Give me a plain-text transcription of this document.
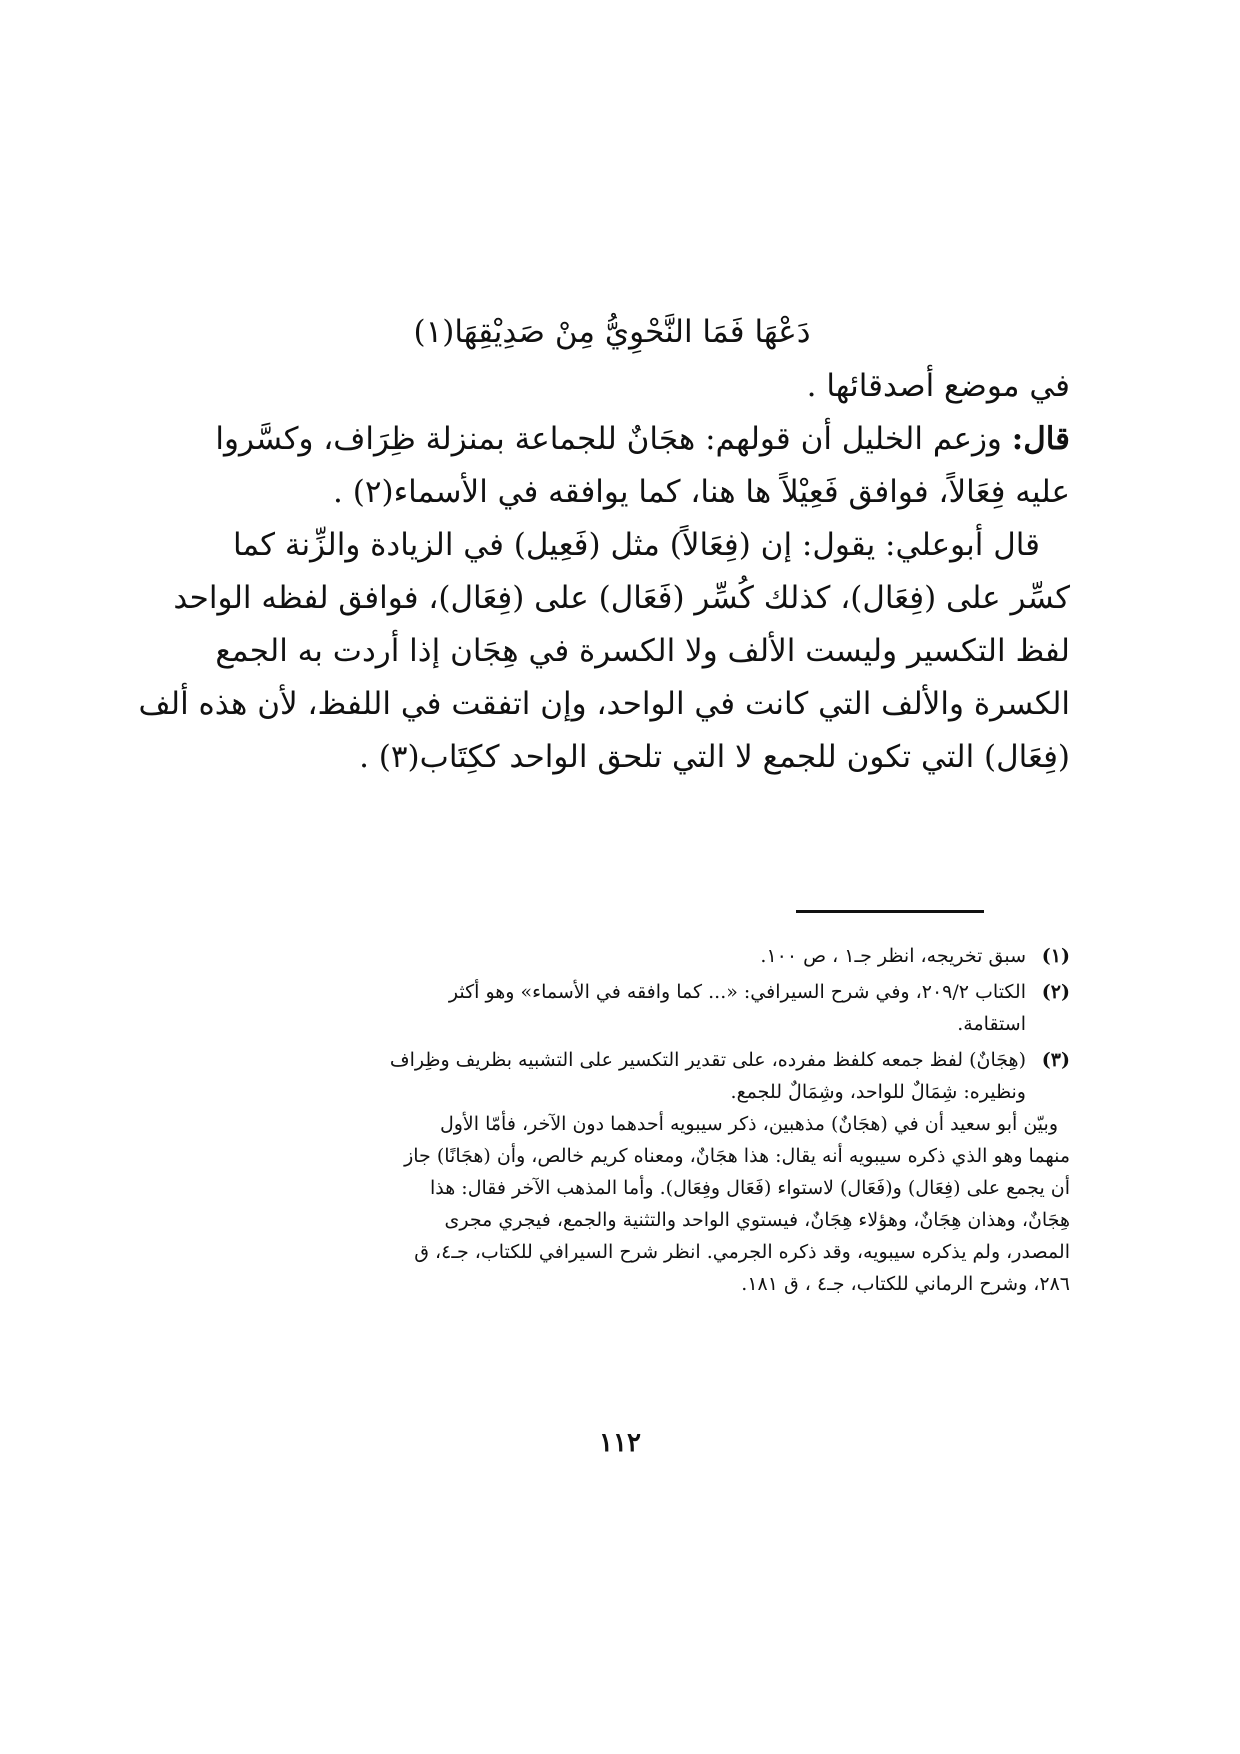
دَعْهَا فَمَا النَّحْوِيُّ مِنْ صَدِيْقِهَا(١)
في موضع أصدقائها .
قال: وزعم الخليل أن قولهم: هجَانٌ للجماعة بمنزلة ظِرَاف، وكسَّروا
عليه فِعَالاً، فوافق فَعِيْلاً ها هنا، كما يوافقه في الأسماء(٢) .
قال أبوعلي: يقول: إن (فِعَالاً) مثل (فَعِيل) في الزيادة والزِّنة كما
كسِّر على (فِعَال)، كذلك كُسِّر (فَعَال) على (فِعَال)، فوافق لفظه الواحد
لفظ التكسير وليست الألف ولا الكسرة في هِجَان إذا أردت به الجمع
الكسرة والألف التي كانت في الواحد، وإن اتفقت في اللفظ، لأن هذه ألف
(فِعَال) التي تكون للجمع لا التي تلحق الواحد ككِتَاب(٣) .
(١)
سبق تخريجه، انظر جـ١ ، ص ١٠٠.
(٢)
الكتاب ٢٠٩/٢، وفي شرح السيرافي: «... كما وافقه في الأسماء» وهو أكثر
استقامة.
(٣)
(هِجَانٌ) لفظ جمعه كلفظ مفرده، على تقدير التكسير على التشبيه بظريف وظِراف
ونظيره: شِمَالٌ للواحد، وشِمَالٌ للجمع.
وبيّن أبو سعيد أن في (هجَانٌ) مذهبين، ذكر سيبويه أحدهما دون الآخر، فأمّا الأول
منهما وهو الذي ذكره سيبويه أنه يقال: هذا هجَانٌ، ومعناه كريم خالص، وأن (هجَانًا) جاز
أن يجمع على (فِعَال) و(فَعَال) لاستواء (فَعَال وفِعَال). وأما المذهب الآخر فقال: هذا
هِجَانٌ، وهذان هِجَانٌ، وهؤلاء هِجَانٌ، فيستوي الواحد والتثنية والجمع، فيجري مجرى
المصدر، ولم يذكره سيبويه، وقد ذكره الجرمي. انظر شرح السيرافي للكتاب، جـ٤، ق
٢٨٦، وشرح الرماني للكتاب، جـ٤ ، ق ١٨١.
١١٢
